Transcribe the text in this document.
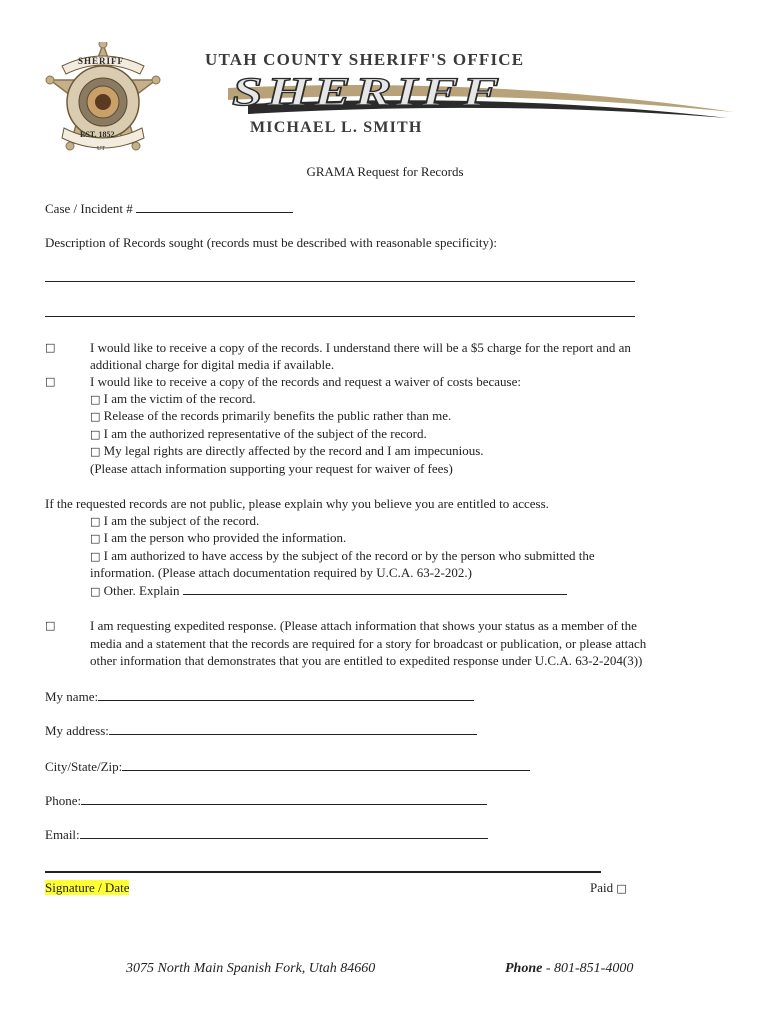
SHERIFF
EST. 1852
UT
UTAH COUNTY SHERIFF'S OFFICE
SHERIFF
MICHAEL L. SMITH
GRAMA Request for Records
Case / Incident #
Description of Records sought (records must be described with reasonable specificity):
□	I would like to receive a copy of the records. I understand there will be a $5 charge for the report and an
additional charge for digital media if available.
□	I would like to receive a copy of the records and request a waiver of costs because:
□ I am the victim of the record.
□ Release of the records primarily benefits the public rather than me.
□ I am the authorized representative of the subject of the record.
□ My legal rights are directly affected by the record and I am impecunious.
(Please attach information supporting your request for waiver of fees)
If the requested records are not public, please explain why you believe you are entitled to access.
□ I am the subject of the record.
□ I am the person who provided the information.
□ I am authorized to have access by the subject of the record or by the person who submitted the
information. (Please attach documentation required by U.C.A. 63-2-202.)
□ Other. Explain
□	I am requesting expedited response. (Please attach information that shows your status as a member of the
media and a statement that the records are required for a story for broadcast or publication, or please attach
other information that demonstrates that you are entitled to expedited response under U.C.A. 63-2-204(3))
My name:
My address:
City/State/Zip:
Phone:
Email:
Signature / Date	Paid □
3075 North Main Spanish Fork, Utah 84660	Phone - 801-851-4000
